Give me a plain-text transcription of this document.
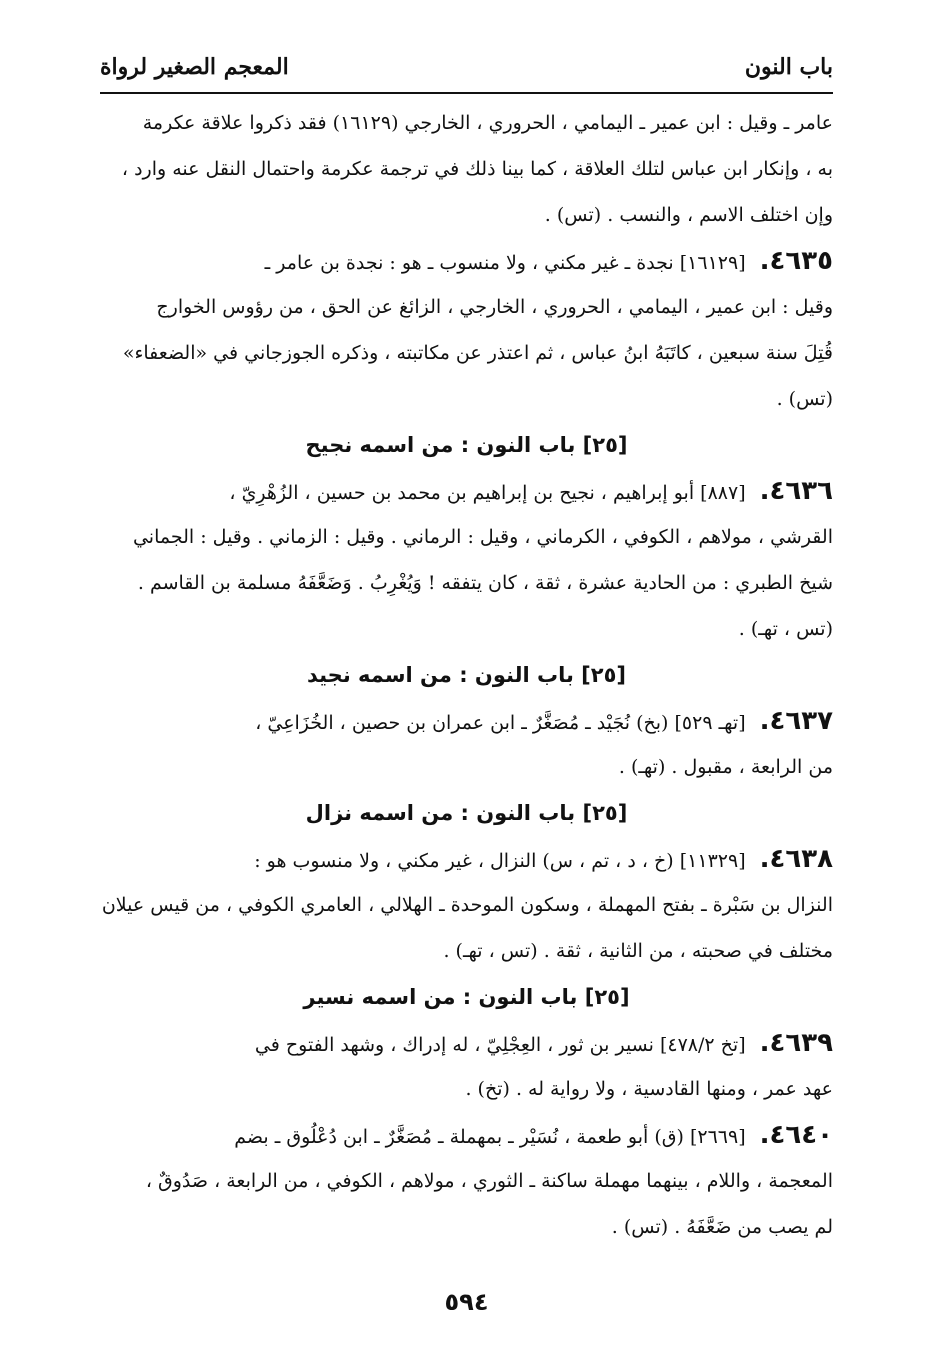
باب النون
المعجم الصغير لرواة
عامر ـ وقيل : ابن عمير ـ اليمامي ، الحروري ، الخارجي (١٦١٢٩) فقد ذكروا علاقة عكرمة
به ، وإنكار ابن عباس لتلك العلاقة ، كما بينا ذلك في ترجمة عكرمة واحتمال النقل عنه وارد ،
وإن اختلف الاسم ، والنسب . (تس) .
٤٦٣٥.[١٦١٢٩] نجدة ـ غير مكني ، ولا منسوب ـ هو : نجدة بن عامر ـ
وقيل : ابن عمير ، اليمامي ، الحروري ، الخارجي ، الزائغ عن الحق ، من رؤوس الخوارج
قُتِلَ سنة سبعين ، كاتَبَهُ ابنُ عباس ، ثم اعتذر عن مكاتبته ، وذكره الجوزجاني في «الضعفاء»
(تس) .
[٢٥] باب النون : من اسمه نجيح
٤٦٣٦.[٨٨٧] أبو إبراهيم ، نجيح بن إبراهيم بن محمد بن حسين ، الزُهْرِيّ ،
القرشي ، مولاهم ، الكوفي ، الكرماني ، وقيل : الرماني . وقيل : الزماني . وقيل : الجماني
شيخ الطبري : من الحادية عشرة ، ثقة ، كان يتفقه ! وَيُغْرِبُ . وَضَعَّفَهُ مسلمة بن القاسم .
(تس ، تهـ) .
[٢٥] باب النون : من اسمه نجيد
٤٦٣٧.[تهـ ٥٢٩] (بخ) نُجَيْد ـ مُصَغَّرٌ ـ ابن عمران بن حصين ، الخُزَاعِيّ ،
من الرابعة ، مقبول . (تهـ) .
[٢٥] باب النون : من اسمه نزال
٤٦٣٨.[١١٣٢٩] (خ ، د ، تم ، س) النزال ، غير مكني ، ولا منسوب هو :
النزال بن سَبْرة ـ بفتح المهملة ، وسكون الموحدة ـ الهلالي ، العامري الكوفي ، من قيس عيلان
مختلف في صحبته ، من الثانية ، ثقة . (تس ، تهـ) .
[٢٥] باب النون : من اسمه نسير
٤٦٣٩.[تخ ٤٧٨/٢] نسير بن ثور ، العِجْلِيّ ، له إدراك ، وشهد الفتوح في
عهد عمر ، ومنها القادسية ، ولا رواية له . (تخ) .
٤٦٤٠.[٢٦٦٩] (ق) أبو طعمة ، نُسَيْر ـ بمهملة ـ مُصَغَّرٌ ـ ابن دُعْلُوق ـ بضم
المعجمة ، واللام ، بينهما مهملة ساكنة ـ الثوري ، مولاهم ، الكوفي ، من الرابعة ، صَدُوقٌ ،
لم يصب من ضَعَّفَهُ . (تس) .
٥٩٤
